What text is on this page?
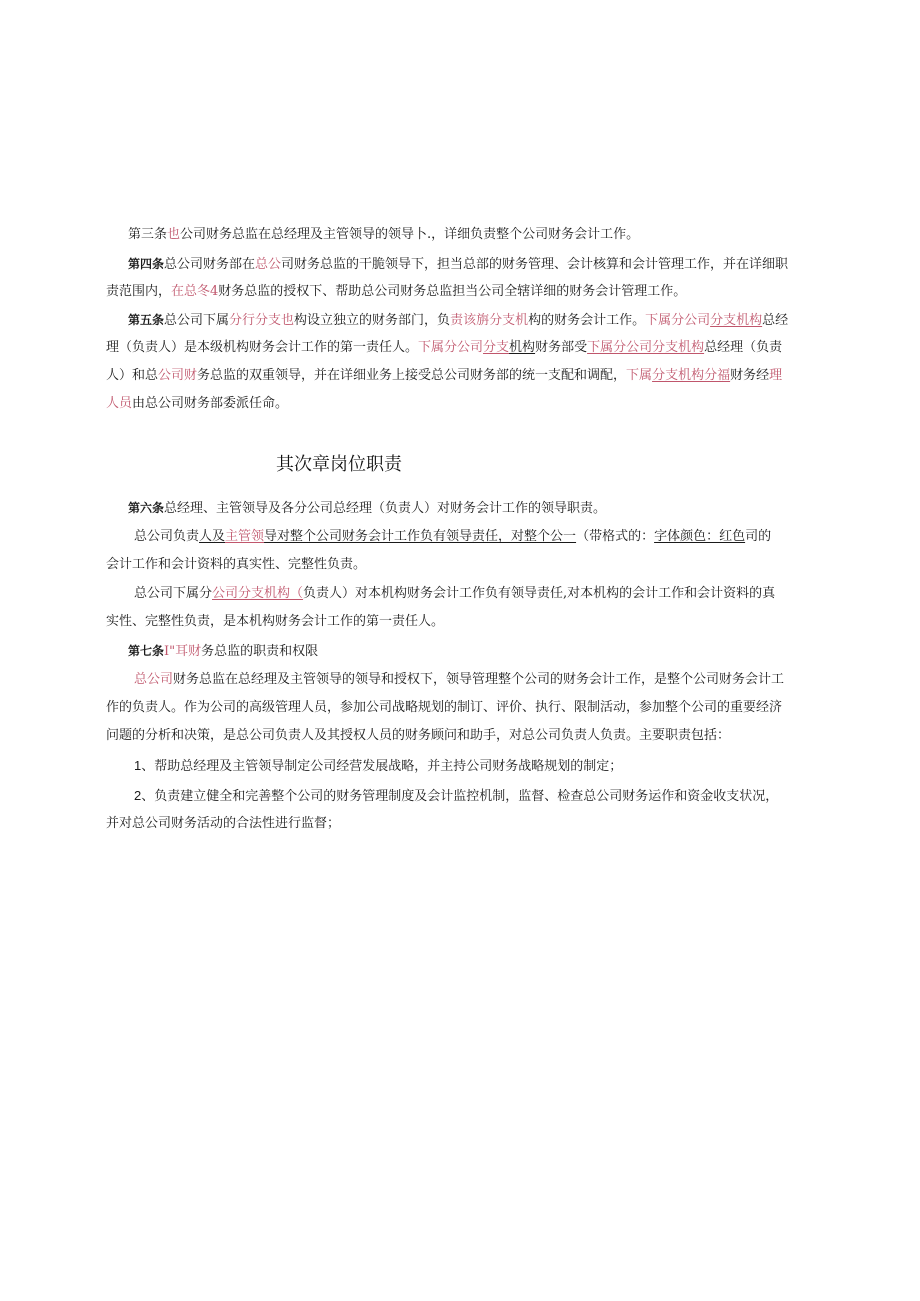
第三条也公司财务总监在总经理及主管领导的领导卜.，详细负责整个公司财务会计工作。
第四条总公司财务部在总公司财务总监的干脆领导下，担当总部的财务管理、会计核算和会计管理工作，并在详细职
责范围内，在总冬4财务总监的授权下、帮助总公司财务总监担当公司全辖详细的财务会计管理工作。
第五条总公司下属分行分支也构设立独立的财务部门，负责该旃分支机构的财务会计工作。下属分公司分支机构总经
理（负责人）是本级机构财务会计工作的第一责任人。下属分公司分支机构财务部受下属分公司分支机构总经理（负责
人）和总公司财务总监的双重领导，并在详细业务上接受总公司财务部的统一支配和调配，下属分支机构分福财务经理
人员由总公司财务部委派任命。
其次章岗位职责
第六条总经理、主管领导及各分公司总经理（负责人）对财务会计工作的领导职责。
总公司负责人及主管领导对整个公司财务会计工作负有领导责任，对整个公一（带格式的：字体颜色：红色司的
会计工作和会计资料的真实性、完整性负责。
总公司下属分公司分支机构（负责人）对本机构财务会计工作负有领导责任,对本机构的会计工作和会计资料的真
实性、完整性负责，是本机构财务会计工作的第一责任人。
第七条I"耳财务总监的职责和权限
总公司财务总监在总经理及主管领导的领导和授权下，领导管理整个公司的财务会计工作，是整个公司财务会计工
作的负责人。作为公司的高级管理人员，参加公司战略规划的制订、评价、执行、限制活动，参加整个公司的重要经济
问题的分析和决策，是总公司负责人及其授权人员的财务顾问和助手，对总公司负责人负责。主要职责包括：
1、帮助总经理及主管领导制定公司经营发展战略，并主持公司财务战略规划的制定；
2、负责建立健全和完善整个公司的财务管理制度及会计监控机制，监督、检查总公司财务运作和资金收支状况，
并对总公司财务活动的合法性进行监督；
